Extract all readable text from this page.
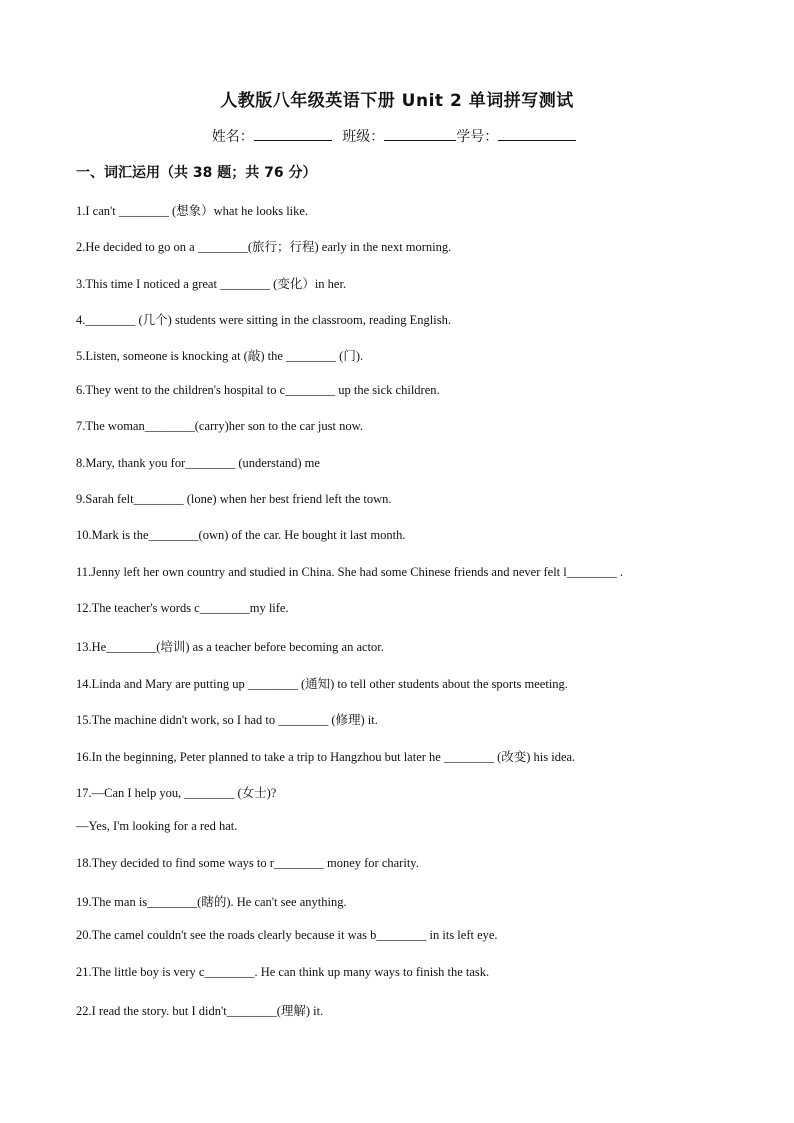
人教版八年级英语下册 Unit 2 单词拼写测试
姓名：	班级：	学号：
一、词汇运用（共 38 题；共 76 分）
1.I can't ________ (想象）what he looks like.
2.He decided to go on a ________(旅行；行程) early in the next morning.
3.This time I noticed a great ________ (变化）in her.
4.________ (几个) students were sitting in the classroom, reading English.
5.Listen, someone is knocking at (敲) the ________ (门).
6.They went to the children's hospital to c________ up the sick children.
7.The woman________(carry)her son to the car just now.
8.Mary, thank you for________ (understand) me
9.Sarah felt________ (lone) when her best friend left the town.
10.Mark is the________(own) of the car. He bought it last month.
11.Jenny left her own country and studied in China. She had some Chinese friends and never felt l________ .
12.The teacher's words c________my life.
13.He________(培训) as a teacher before becoming an actor.
14.Linda and Mary are putting up ________ (通知) to tell other students about the sports meeting.
15.The machine didn't work, so I had to ________ (修理) it.
16.In the beginning, Peter planned to take a trip to Hangzhou but later he ________ (改变) his idea.
17.—Can I help you, ________ (女士)?
—Yes, I'm looking for a red hat.
18.They decided to find some ways to r________ money for charity.
19.The man is________(瞎的). He can't see anything.
20.The camel couldn't see the roads clearly because it was b________ in its left eye.
21.The little boy is very c________. He can think up many ways to finish the task.
22.I read the story. but I didn't________(理解) it.
